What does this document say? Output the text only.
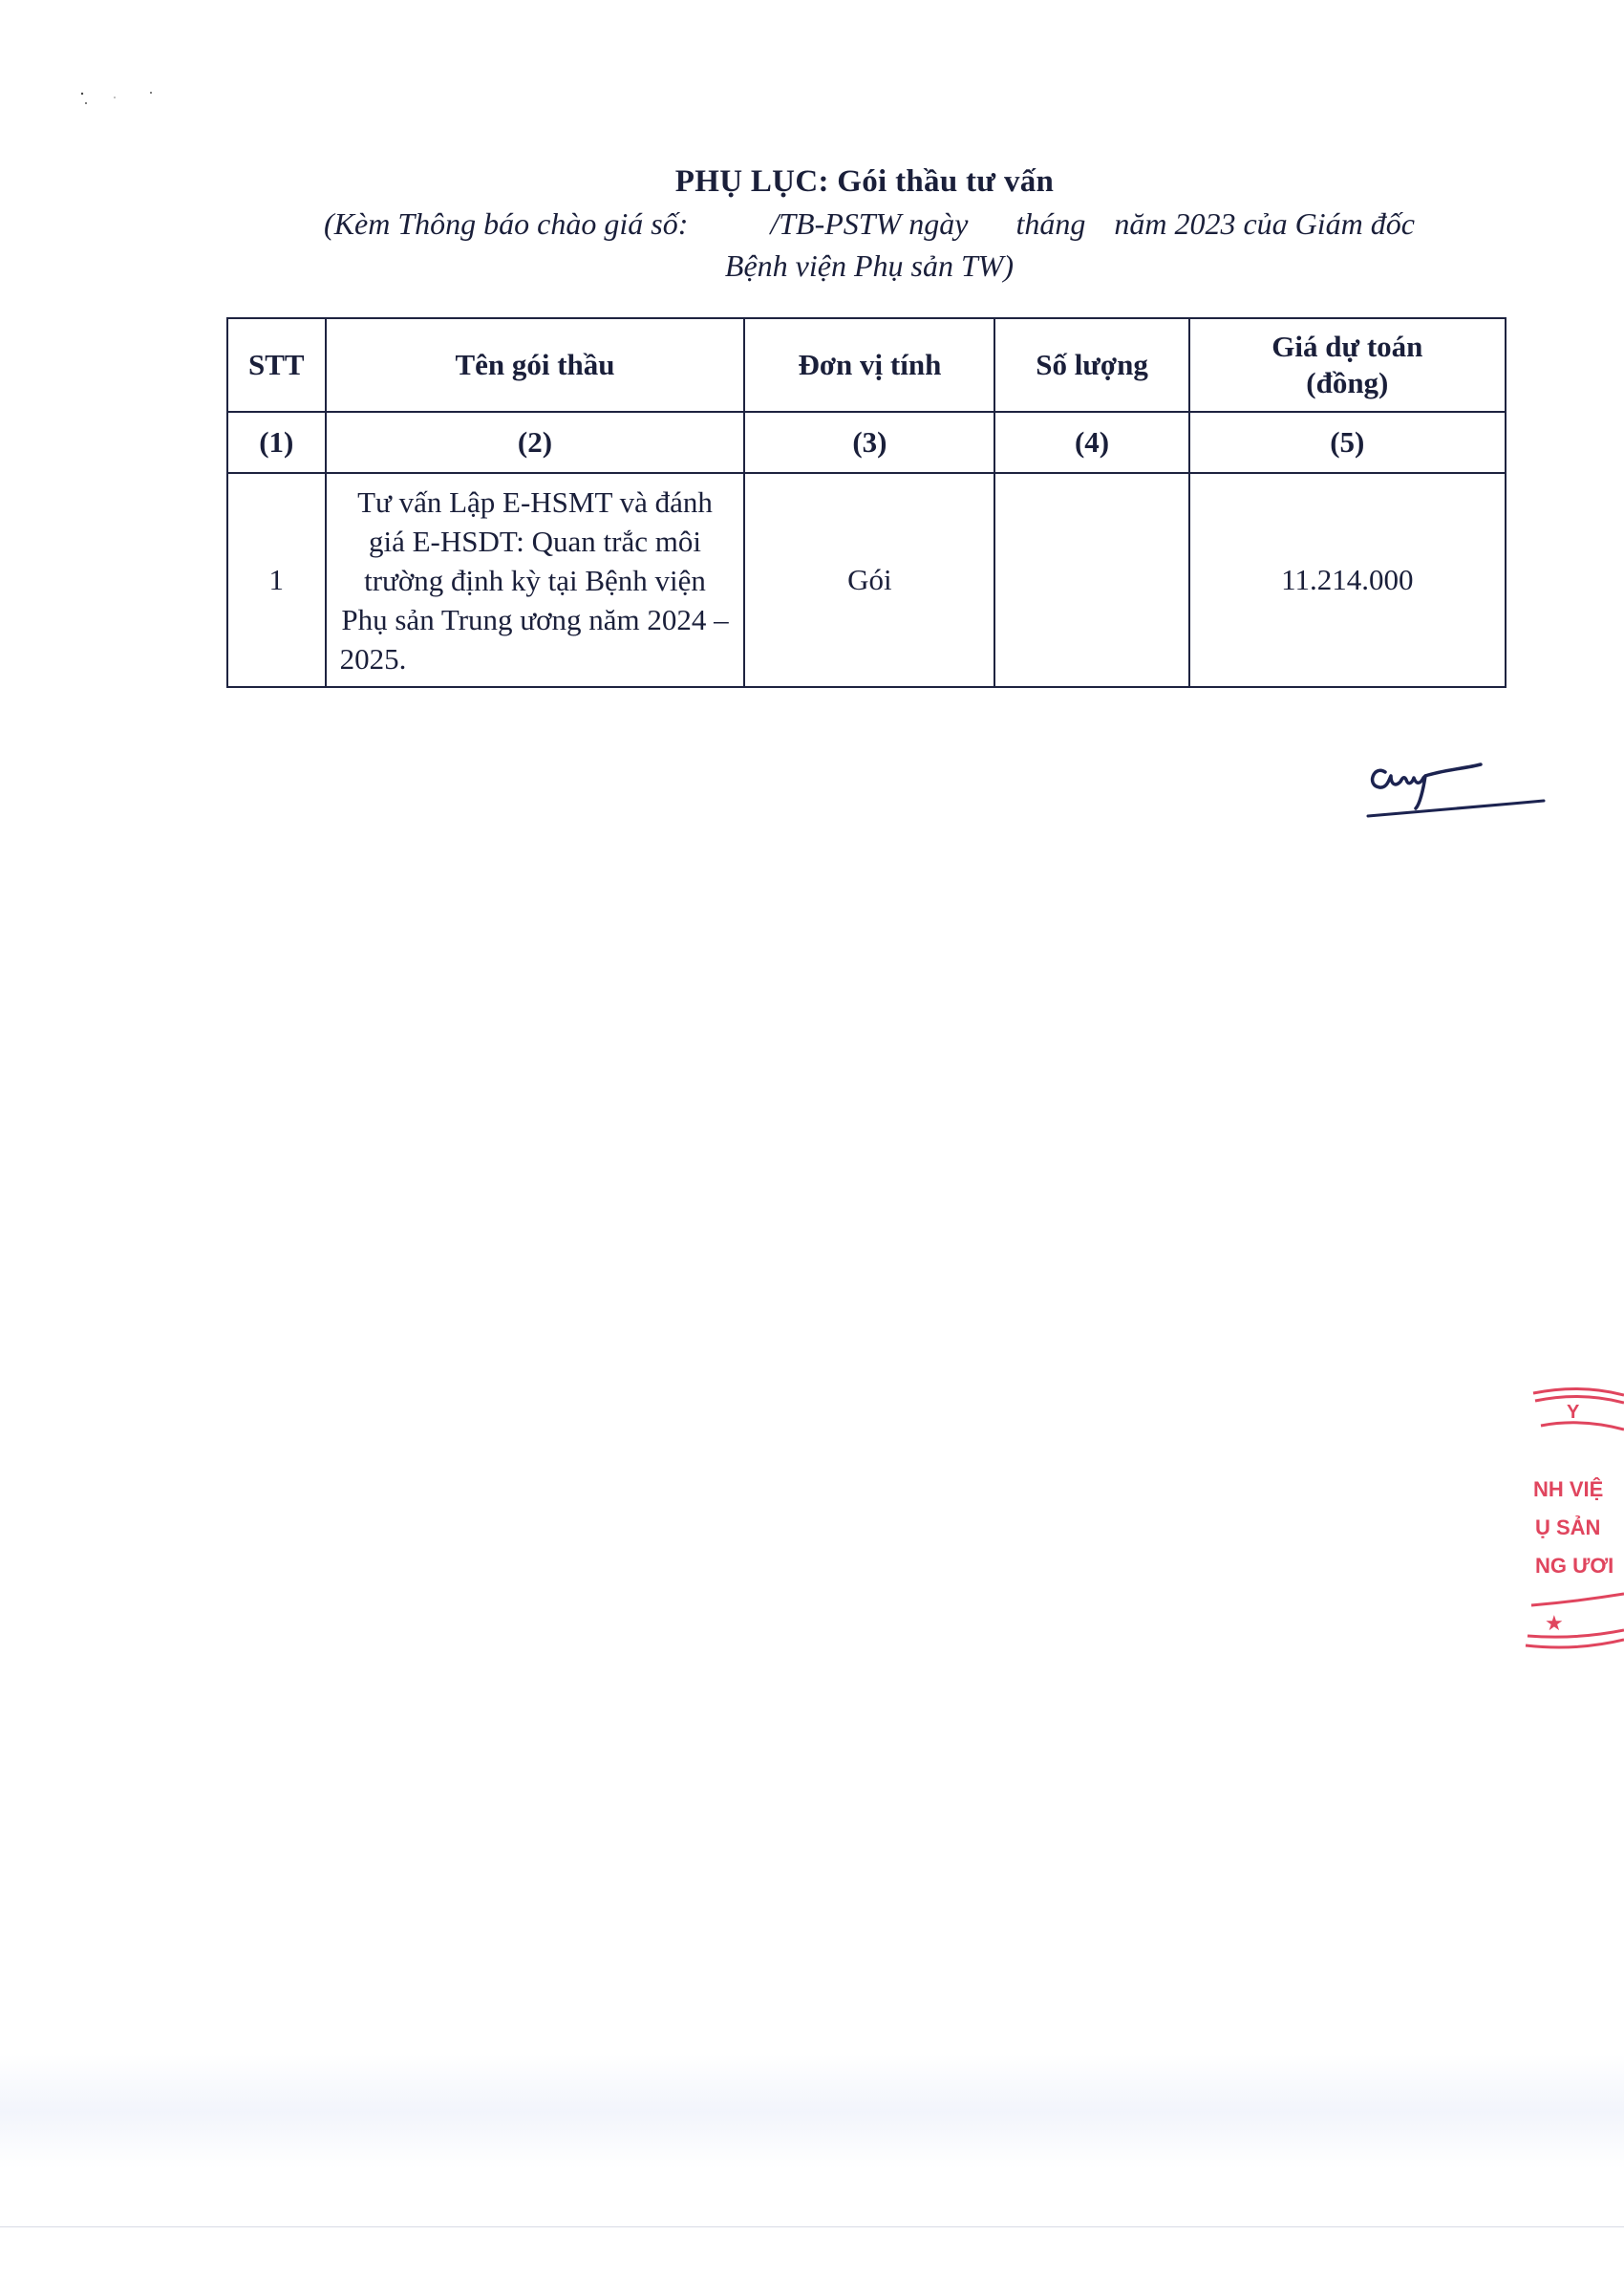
PHỤ LỤC: Gói thầu tư vấn
(Kèm Thông báo chào giá số:	/TB-PSTW ngày tháng năm 2023 của Giám đốc
Bệnh viện Phụ sản TW)
STT	Tên gói thầu	Đơn vị tính	Số lượng	Giá dự toán
(đồng)
(1)	(2)	(3)	(4)	(5)
1	Tư vấn Lập E-HSMT và đánh giá E-HSDT: Quan trắc môi trường định kỳ tại Bệnh viện Phụ sản Trung ương năm 2024 – 2025.	Gói		11.214.000
Y
NH VIỆ
Ụ SẢN
NG ƯƠI
★
